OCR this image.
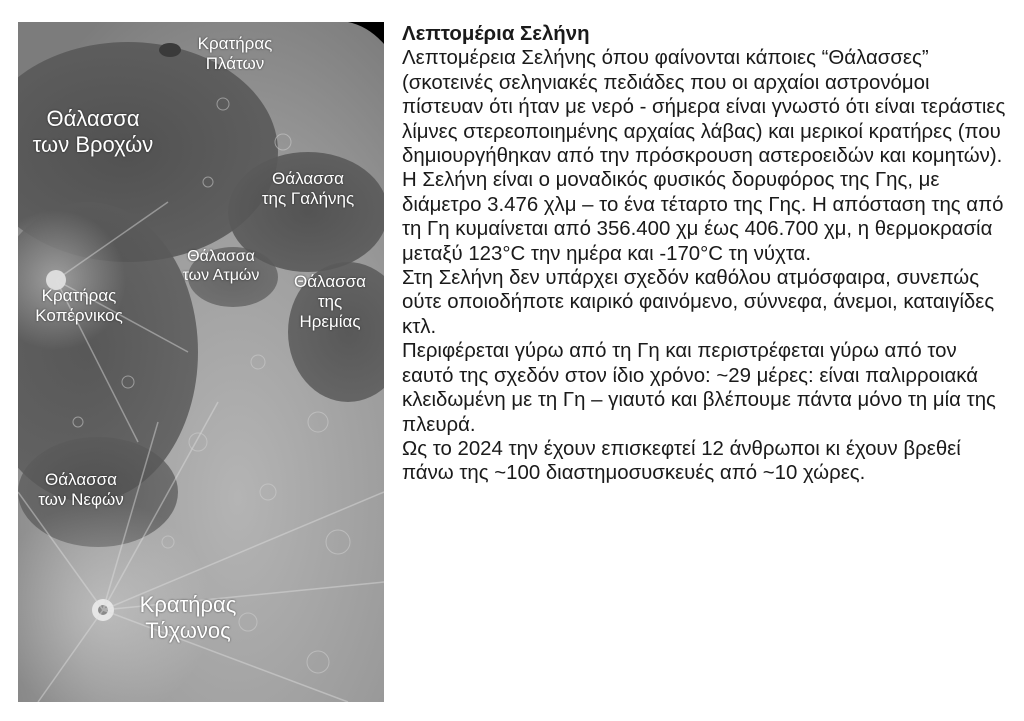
Κρατήρας
Πλάτων
Θάλασσα
των Βροχών
Θάλασσα
της Γαλήνης
Θάλασσα
των Ατμών	Θάλασσα
της
Ηρεμίας
Κρατήρας
Κοπέρνικος
Θάλασσα
των Νεφών
Κρατήρας
Τύχωνος
Λεπτομέρια Σελήνη

Λεπτομέρεια Σελήνης όπου φαίνονται κάποιες “Θάλασσες” (σκοτεινές σεληνιακές πεδιάδες που οι αρχαίοι αστρονόμοι πίστευαν ότι ήταν με νερό - σήμερα είναι γνωστό ότι είναι τεράστιες λίμνες στερεοποιημένης αρχαίας λάβας) και μερικοί κρατήρες (που δημιουργήθηκαν από την πρόσκρουση αστεροειδών και κομητών).

Η Σελήνη είναι ο μοναδικός φυσικός δορυφόρος της Γης, με διάμετρο 3.476 χλμ – το ένα τέταρτο της Γης. Η απόσταση της από τη Γη κυμαίνεται από 356.400 χμ έως 406.700 χμ, η θερμοκρασία μεταξύ 123°C την ημέρα και -170°C τη νύχτα.

Στη Σελήνη δεν υπάρχει σχεδόν καθόλου ατμόσφαιρα, συνεπώς ούτε οποιοδήποτε καιρικό φαινόμενο, σύννεφα, άνεμοι, καταιγίδες κτλ.

Περιφέρεται γύρω από τη Γη και περιστρέφεται γύρω από τον εαυτό της σχεδόν στον ίδιο χρόνο: ~29 μέρες: είναι παλιρροιακά κλειδωμένη με τη Γη – γιαυτό και βλέπουμε πάντα μόνο τη μία της πλευρά.

Ως το 2024 την έχουν επισκεφτεί 12 άνθρωποι κι έχουν βρεθεί πάνω της ~100 διαστημοσυσκευές από ~10 χώρες.
